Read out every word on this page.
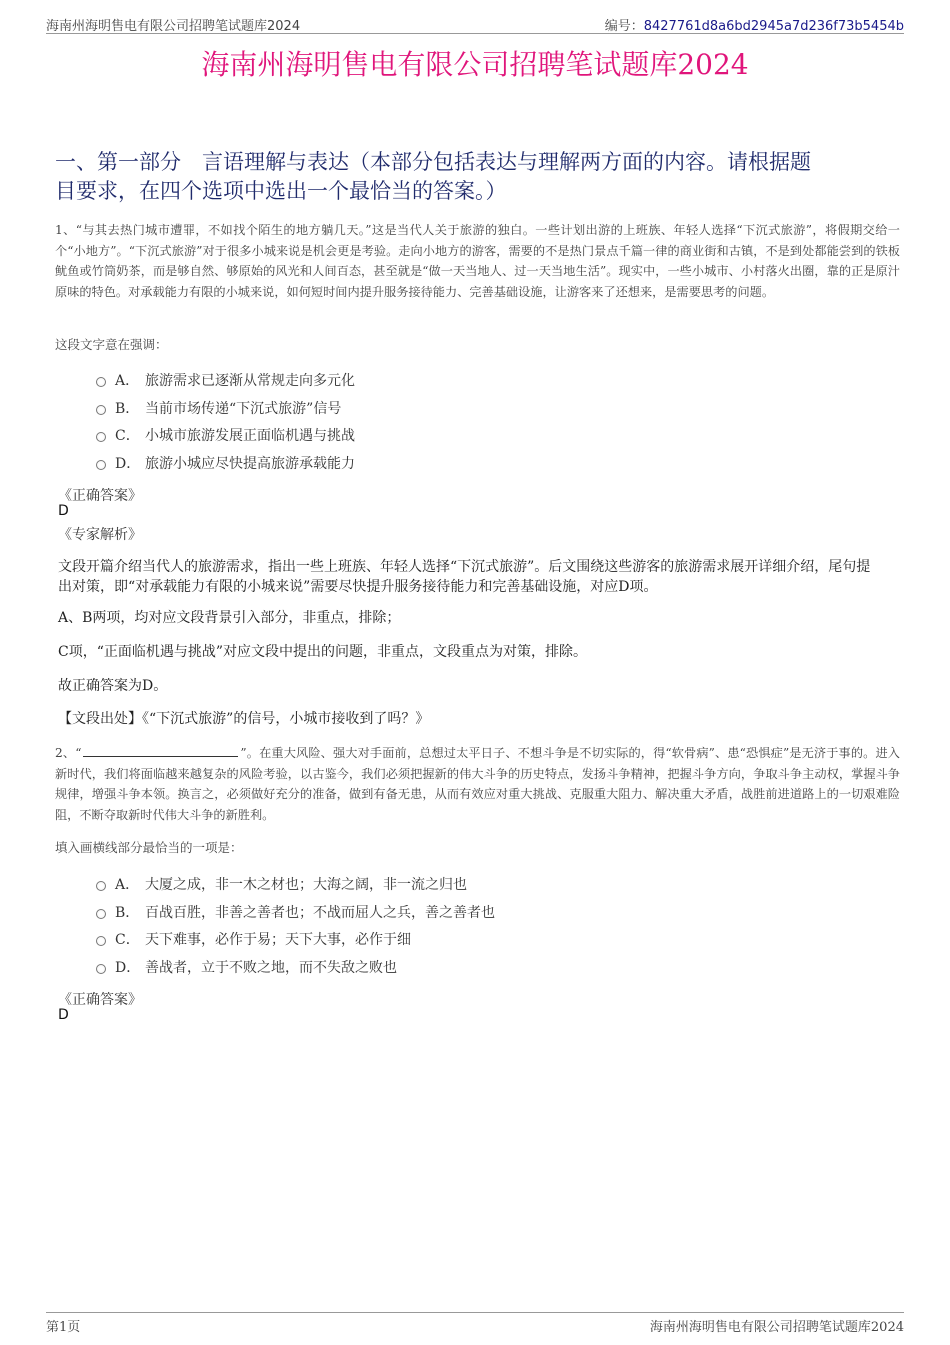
海南州海明售电有限公司招聘笔试题库2024	编号：8427761d8a6bd2945a7d236f73b5454b
海南州海明售电有限公司招聘笔试题库2024
一、第一部分　言语理解与表达（本部分包括表达与理解两方面的内容。请根据题
目要求，在四个选项中选出一个最恰当的答案。）
1、“与其去热门城市遭罪，不如找个陌生的地方躺几天。”这是当代人关于旅游的独白。一些计划出游的上班族、年轻人选择“下沉式旅游”，将假期交给一个“小地方”。“下沉式旅游”对于很多小城来说是机会更是考验。走向小地方的游客，需要的不是热门景点千篇一律的商业街和古镇，不是到处都能尝到的铁板鱿鱼或竹筒奶茶，而是够自然、够原始的风光和人间百态，甚至就是“做一天当地人、过一天当地生活”。现实中，一些小城市、小村落火出圈，靠的正是原汁原味的特色。对承载能力有限的小城来说，如何短时间内提升服务接待能力、完善基础设施，让游客来了还想来，是需要思考的问题。
这段文字意在强调：
A． 旅游需求已逐渐从常规走向多元化
B． 当前市场传递“下沉式旅游”信号
C． 小城市旅游发展正面临机遇与挑战
D． 旅游小城应尽快提高旅游承载能力
《正确答案》
D
《专家解析》
文段开篇介绍当代人的旅游需求，指出一些上班族、年轻人选择“下沉式旅游”。后文围绕这些游客的旅游需求展开详细介绍，尾句提出对策，即“对承载能力有限的小城来说”需要尽快提升服务接待能力和完善基础设施，对应D项。
A、B两项，均对应文段背景引入部分，非重点，排除；
C项，“正面临机遇与挑战”对应文段中提出的问题，非重点，文段重点为对策，排除。
故正确答案为D。
【文段出处】《“下沉式旅游”的信号，小城市接收到了吗？》
2、“	”。在重大风险、强大对手面前，总想过太平日子、不想斗争是不切实际的，得“软骨病”、患“恐惧症”是无济于事的。进入新时代，我们将面临越来越复杂的风险考验，以古鉴今，我们必须把握新的伟大斗争的历史特点，发扬斗争精神，把握斗争方向，争取斗争主动权，掌握斗争规律，增强斗争本领。换言之，必须做好充分的准备，做到有备无患，从而有效应对重大挑战、克服重大阻力、解决重大矛盾，战胜前进道路上的一切艰难险阻，不断夺取新时代伟大斗争的新胜利。
填入画横线部分最恰当的一项是：
A． 大厦之成，非一木之材也；大海之阔，非一流之归也
B． 百战百胜，非善之善者也；不战而屈人之兵，善之善者也
C． 天下难事，必作于易；天下大事，必作于细
D． 善战者，立于不败之地，而不失敌之败也
《正确答案》
D
第1页	海南州海明售电有限公司招聘笔试题库2024
